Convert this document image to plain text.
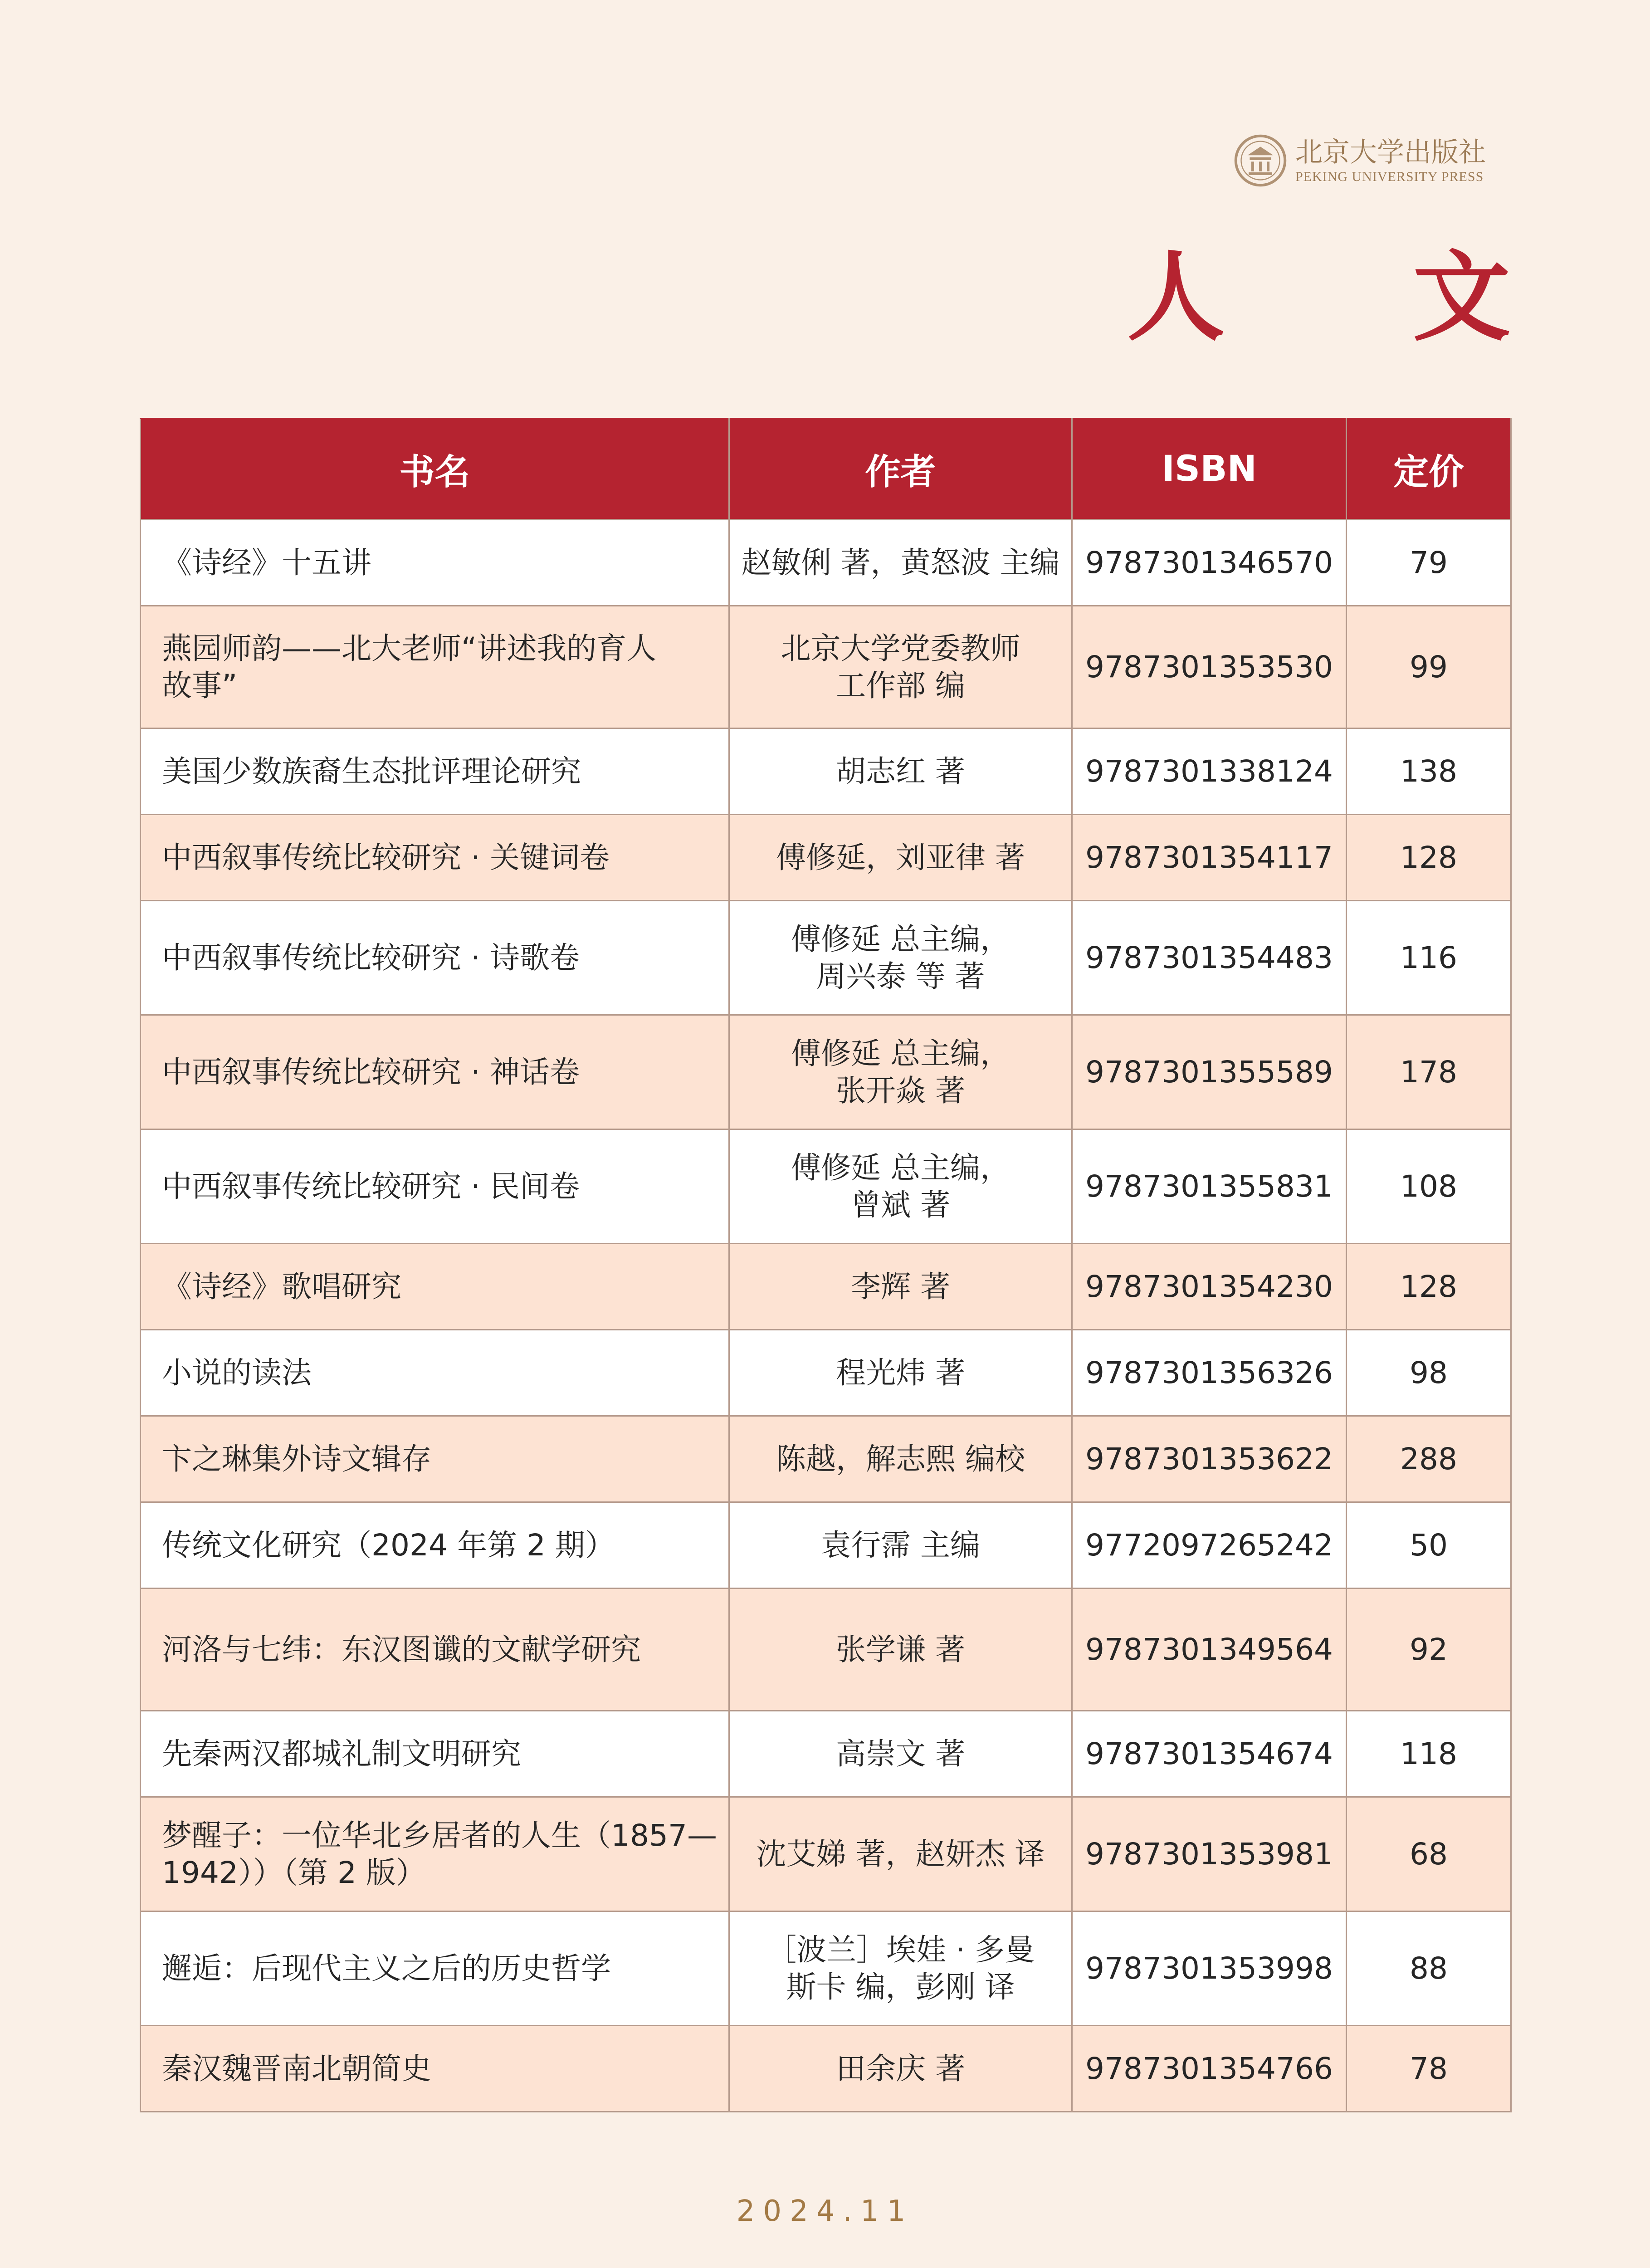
北京大学出版社
PEKING UNIVERSITY PRESS
人 文
书名	作者	ISBN	定价

《诗经》十五讲	赵敏俐 著，黄怒波 主编	9787301346570	79

燕园师韵——北大老师“讲述我的育人
故事”	北京大学党委教师
工作部 编	9787301353530	99

美国少数族裔生态批评理论研究	胡志红 著	9787301338124	138

中西叙事传统比较研究 · 关键词卷	傅修延，刘亚律 著	9787301354117	128

中西叙事传统比较研究 · 诗歌卷	傅修延 总主编，
周兴泰 等 著	9787301354483	116

中西叙事传统比较研究 · 神话卷	傅修延 总主编，
张开焱 著	9787301355589	178

中西叙事传统比较研究 · 民间卷	傅修延 总主编，
曾斌 著	9787301355831	108

《诗经》歌唱研究	李辉 著	9787301354230	128

小说的读法	程光炜 著	9787301356326	98

卞之琳集外诗文辑存	陈越，解志熙 编校	9787301353622	288

传统文化研究（2024 年第 2 期）	袁行霈 主编	9772097265242	50

河洛与七纬：东汉图谶的文献学研究	张学谦 著	9787301349564	92

先秦两汉都城礼制文明研究	高崇文 著	9787301354674	118

梦醒子：一位华北乡居者的人生（1857—
1942））（第 2 版）	沈艾娣 著，赵妍杰 译	9787301353981	68

邂逅：后现代主义之后的历史哲学	［波兰］埃娃 · 多曼
斯卡 编，彭刚 译	9787301353998	88

秦汉魏晋南北朝简史	田余庆 著	9787301354766	78
2024.11
